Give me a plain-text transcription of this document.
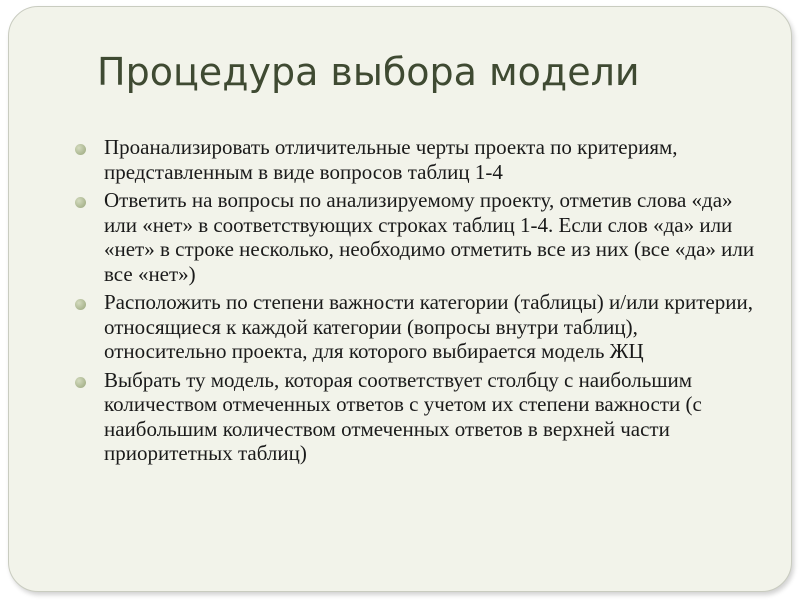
Процедура выбора модели
Проанализировать отличительные черты проекта по критериям, представленным в виде вопросов таблиц 1-4
Ответить на вопросы по анализируемому проекту, отметив слова «да» или «нет» в соответствующих строках таблиц 1-4. Если слов «да» или «нет» в строке несколько, необходимо отметить все из них (все «да» или все «нет»)
Расположить по степени важности категории (таблицы) и/или критерии, относящиеся к каждой категории (вопросы внутри таблиц), относительно проекта, для которого выбирается модель ЖЦ
Выбрать ту модель, которая соответствует столбцу с наибольшим количеством отмеченных ответов с учетом их степени важности (с наибольшим количеством отмеченных ответов в верхней части приоритетных таблиц)
